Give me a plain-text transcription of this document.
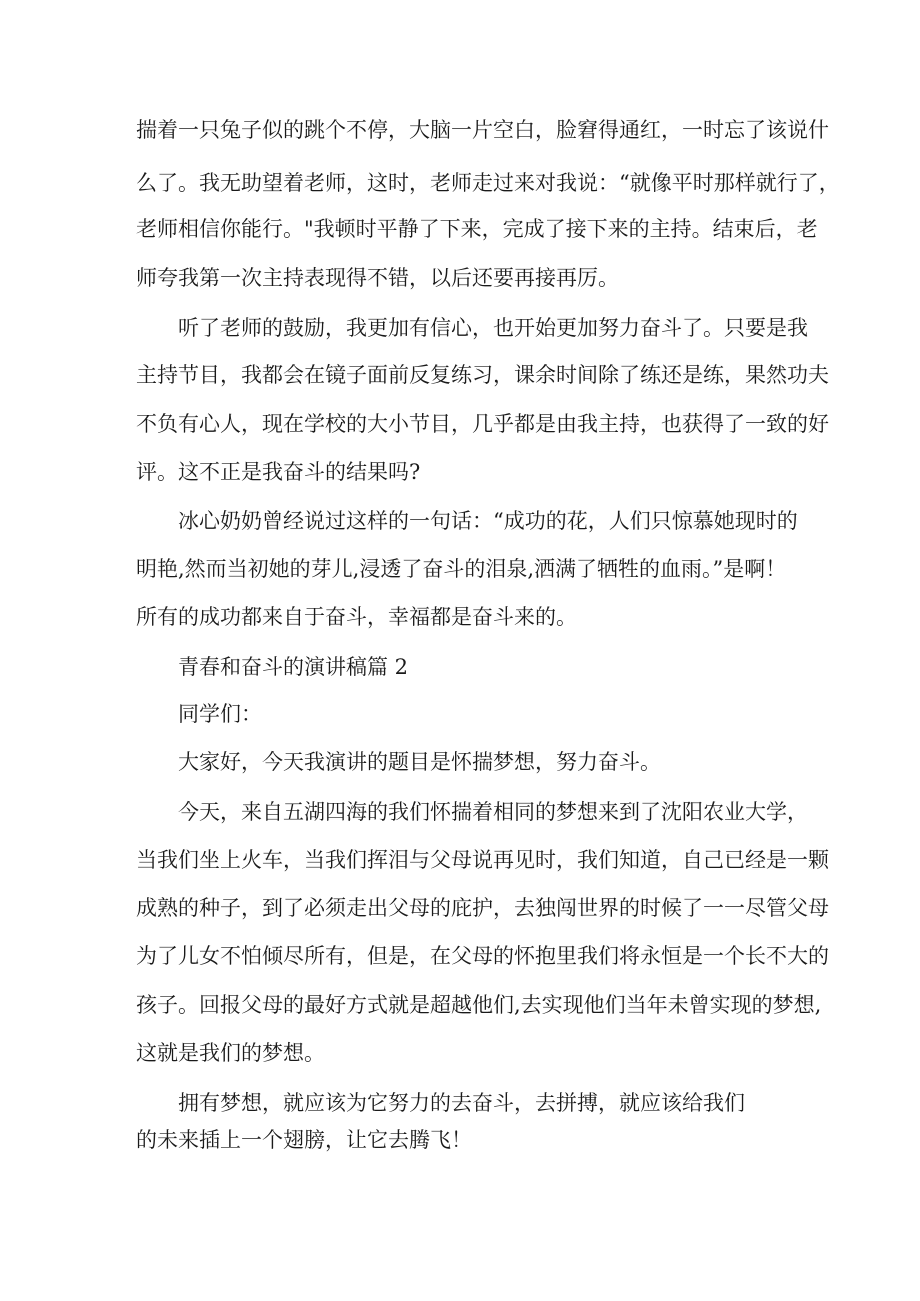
揣着一只兔子似的跳个不停，大脑一片空白，脸窘得通红，一时忘了该说什

么了。我无助望着老师，这时，老师走过来对我说：“就像平时那样就行了，

老师相信你能行。"我顿时平静了下来，完成了接下来的主持。结束后，老

师夸我第一次主持表现得不错，以后还要再接再厉。

听了老师的鼓励，我更加有信心，也开始更加努力奋斗了。只要是我

主持节目，我都会在镜子面前反复练习，课余时间除了练还是练，果然功夫

不负有心人，现在学校的大小节目，几乎都是由我主持，也获得了一致的好

评。这不正是我奋斗的结果吗?

冰心奶奶曾经说过这样的一句话：“成功的花，人们只惊慕她现时的

明艳,然而当初她的芽儿,浸透了奋斗的泪泉,洒满了牺牲的血雨。”是啊！

所有的成功都来自于奋斗，幸福都是奋斗来的。

青春和奋斗的演讲稿篇 2

同学们：

大家好，今天我演讲的题目是怀揣梦想，努力奋斗。

今天，来自五湖四海的我们怀揣着相同的梦想来到了沈阳农业大学，

当我们坐上火车，当我们挥泪与父母说再见时，我们知道，自己已经是一颗

成熟的种子，到了必须走出父母的庇护，去独闯世界的时候了一一尽管父母

为了儿女不怕倾尽所有，但是，在父母的怀抱里我们将永恒是一个长不大的

孩子。回报父母的最好方式就是超越他们,去实现他们当年未曾实现的梦想,

这就是我们的梦想。

拥有梦想，就应该为它努力的去奋斗，去拼搏，就应该给我们

的未来插上一个翅膀，让它去腾飞！
